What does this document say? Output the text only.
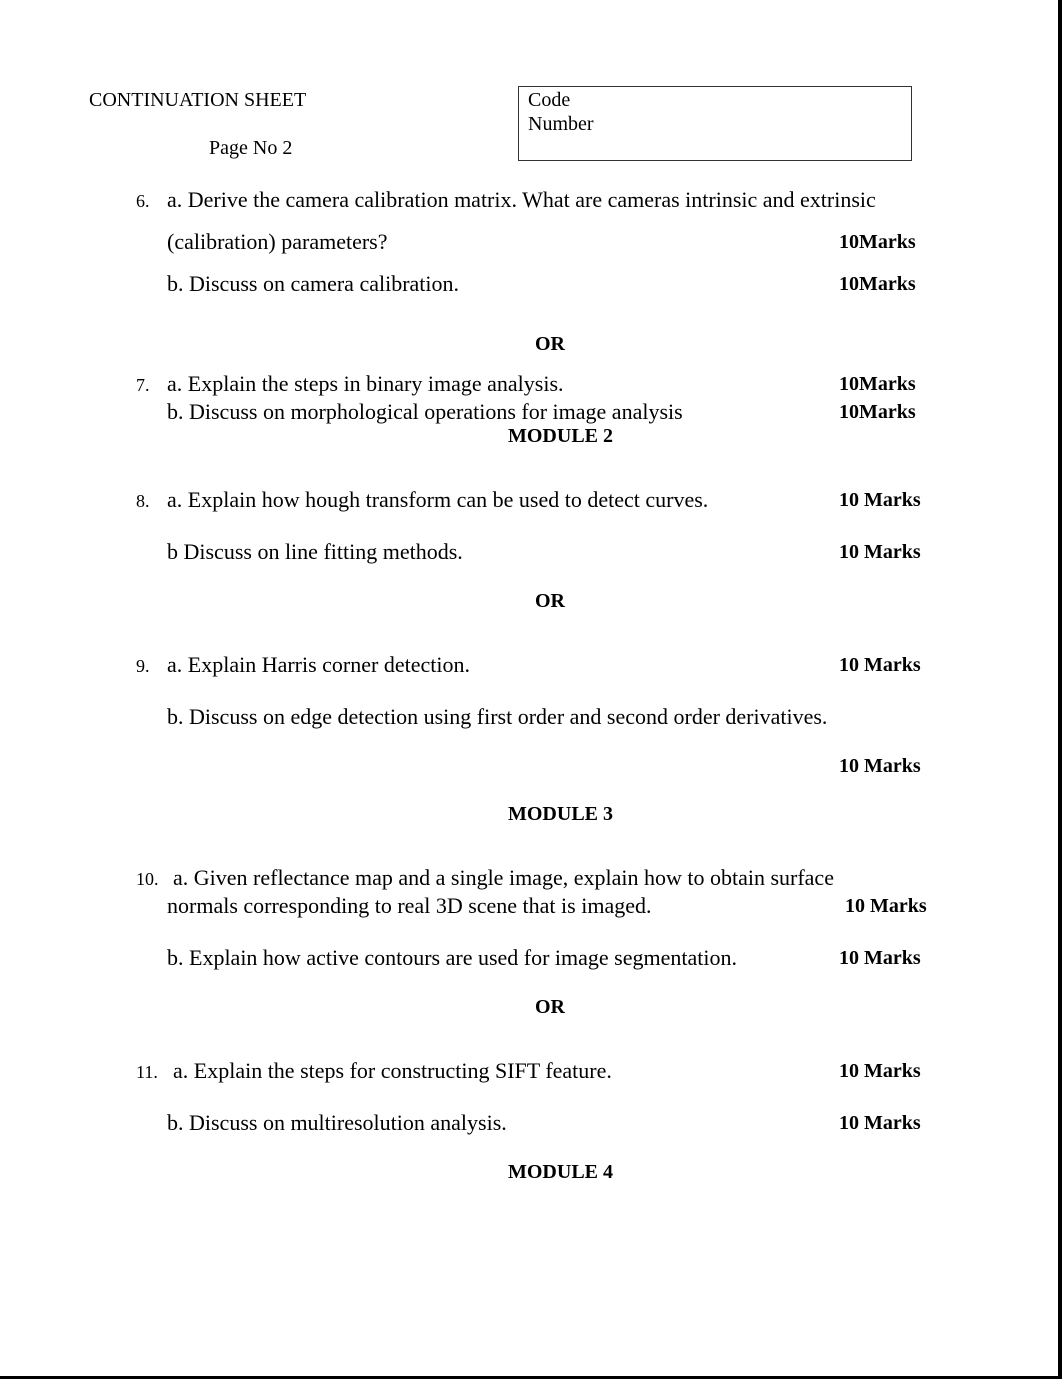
CONTINUATION SHEET
Page No 2
Code
Number
6. a. Derive the camera calibration matrix. What are cameras intrinsic and extrinsic
(calibration) parameters?	10Marks
b. Discuss on camera calibration.	10Marks
OR
7. a. Explain the steps in binary image analysis.	10Marks
b. Discuss on morphological operations for image analysis	10Marks
MODULE 2
8. a. Explain how hough transform can be used to detect curves.	10 Marks
b Discuss on line fitting methods.	10 Marks
OR
9. a. Explain Harris corner detection.	10 Marks
b. Discuss on edge detection using first order and second order derivatives.
10 Marks
MODULE 3
10. a. Given reflectance map and a single image, explain how to obtain surface
normals corresponding to real 3D scene that is imaged.	10 Marks
b. Explain how active contours are used for image segmentation.	10 Marks
OR
11. a. Explain the steps for constructing SIFT feature.	10 Marks
b. Discuss on multiresolution analysis.	10 Marks
MODULE 4
